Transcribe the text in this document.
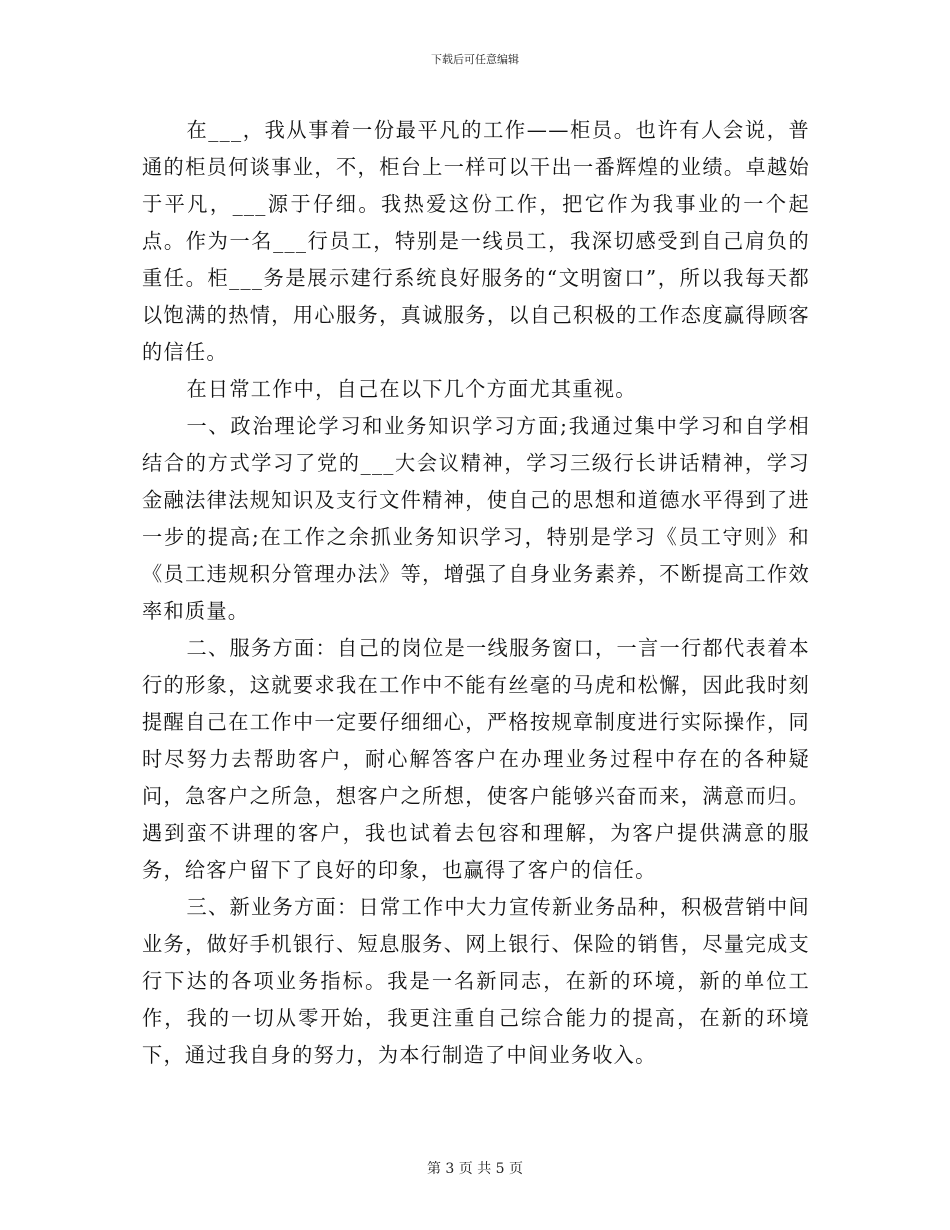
下载后可任意编辑

在___，我从事着一份最平凡的工作——柜员。也许有人会说，普通的柜员何谈事业，不，柜台上一样可以干出一番辉煌的业绩。卓越始于平凡，___源于仔细。我热爱这份工作，把它作为我事业的一个起点。作为一名___行员工，特别是一线员工，我深切感受到自己肩负的重任。柜___务是展示建行系统良好服务的“文明窗口”，所以我每天都以饱满的热情，用心服务，真诚服务，以自己积极的工作态度赢得顾客的信任。

在日常工作中，自己在以下几个方面尤其重视。

一、政治理论学习和业务知识学习方面;我通过集中学习和自学相结合的方式学习了党的___大会议精神，学习三级行长讲话精神，学习金融法律法规知识及支行文件精神，使自己的思想和道德水平得到了进一步的提高;在工作之余抓业务知识学习，特别是学习《员工守则》和《员工违规积分管理办法》等，增强了自身业务素养，不断提高工作效率和质量。

二、服务方面：自己的岗位是一线服务窗口，一言一行都代表着本行的形象，这就要求我在工作中不能有丝毫的马虎和松懈，因此我时刻提醒自己在工作中一定要仔细细心，严格按规章制度进行实际操作，同时尽努力去帮助客户，耐心解答客户在办理业务过程中存在的各种疑问，急客户之所急，想客户之所想，使客户能够兴奋而来，满意而归。遇到蛮不讲理的客户，我也试着去包容和理解，为客户提供满意的服务，给客户留下了良好的印象，也赢得了客户的信任。

三、新业务方面：日常工作中大力宣传新业务品种，积极营销中间业务，做好手机银行、短息服务、网上银行、保险的销售，尽量完成支行下达的各项业务指标。我是一名新同志，在新的环境，新的单位工作，我的一切从零开始，我更注重自己综合能力的提高，在新的环境下，通过我自身的努力，为本行制造了中间业务收入。

第 3 页 共 5 页
